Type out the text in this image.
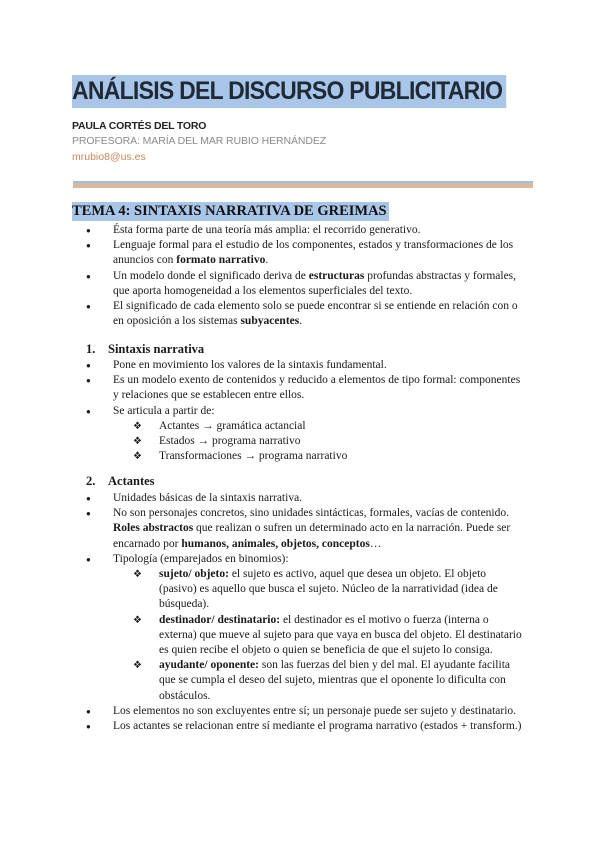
ANÁLISIS DEL DISCURSO PUBLICITARIO
PAULA CORTÉS DEL TORO
PROFESORA: MARÍA DEL MAR RUBIO HERNÁNDEZ
mrubio8@us.es
TEMA 4: SINTAXIS NARRATIVA DE GREIMAS
● Ésta forma parte de una teoría más amplia: el recorrido generativo.
● Lenguaje formal para el estudio de los componentes, estados y transformaciones de los anuncios con formato narrativo.
● Un modelo donde el significado deriva de estructuras profundas abstractas y formales, que aporta homogeneidad a los elementos superficiales del texto.
● El significado de cada elemento solo se puede encontrar si se entiende en relación con o en oposición a los sistemas subyacentes.
1. Sintaxis narrativa
● Pone en movimiento los valores de la sintaxis fundamental.
● Es un modelo exento de contenidos y reducido a elementos de tipo formal: componentes y relaciones que se establecen entre ellos.
● Se articula a partir de:
❖ Actantes → gramática actancial
❖ Estados → programa narrativo
❖ Transformaciones → programa narrativo
2. Actantes
● Unidades básicas de la sintaxis narrativa.
● No son personajes concretos, sino unidades sintácticas, formales, vacías de contenido. Roles abstractos que realizan o sufren un determinado acto en la narración. Puede ser encarnado por humanos, animales, objetos, conceptos…
● Tipología (emparejados en binomios):
❖ sujeto/ objeto: el sujeto es activo, aquel que desea un objeto. El objeto (pasivo) es aquello que busca el sujeto. Núcleo de la narratividad (idea de búsqueda).
❖ destinador/ destinatario: el destinador es el motivo o fuerza (interna o externa) que mueve al sujeto para que vaya en busca del objeto. El destinatario es quien recibe el objeto o quien se beneficia de que el sujeto lo consiga.
❖ ayudante/ oponente: son las fuerzas del bien y del mal. El ayudante facilita que se cumpla el deseo del sujeto, mientras que el oponente lo dificulta con obstáculos.
● Los elementos no son excluyentes entre sí; un personaje puede ser sujeto y destinatario.
● Los actantes se relacionan entre sí mediante el programa narrativo (estados + transform.)
